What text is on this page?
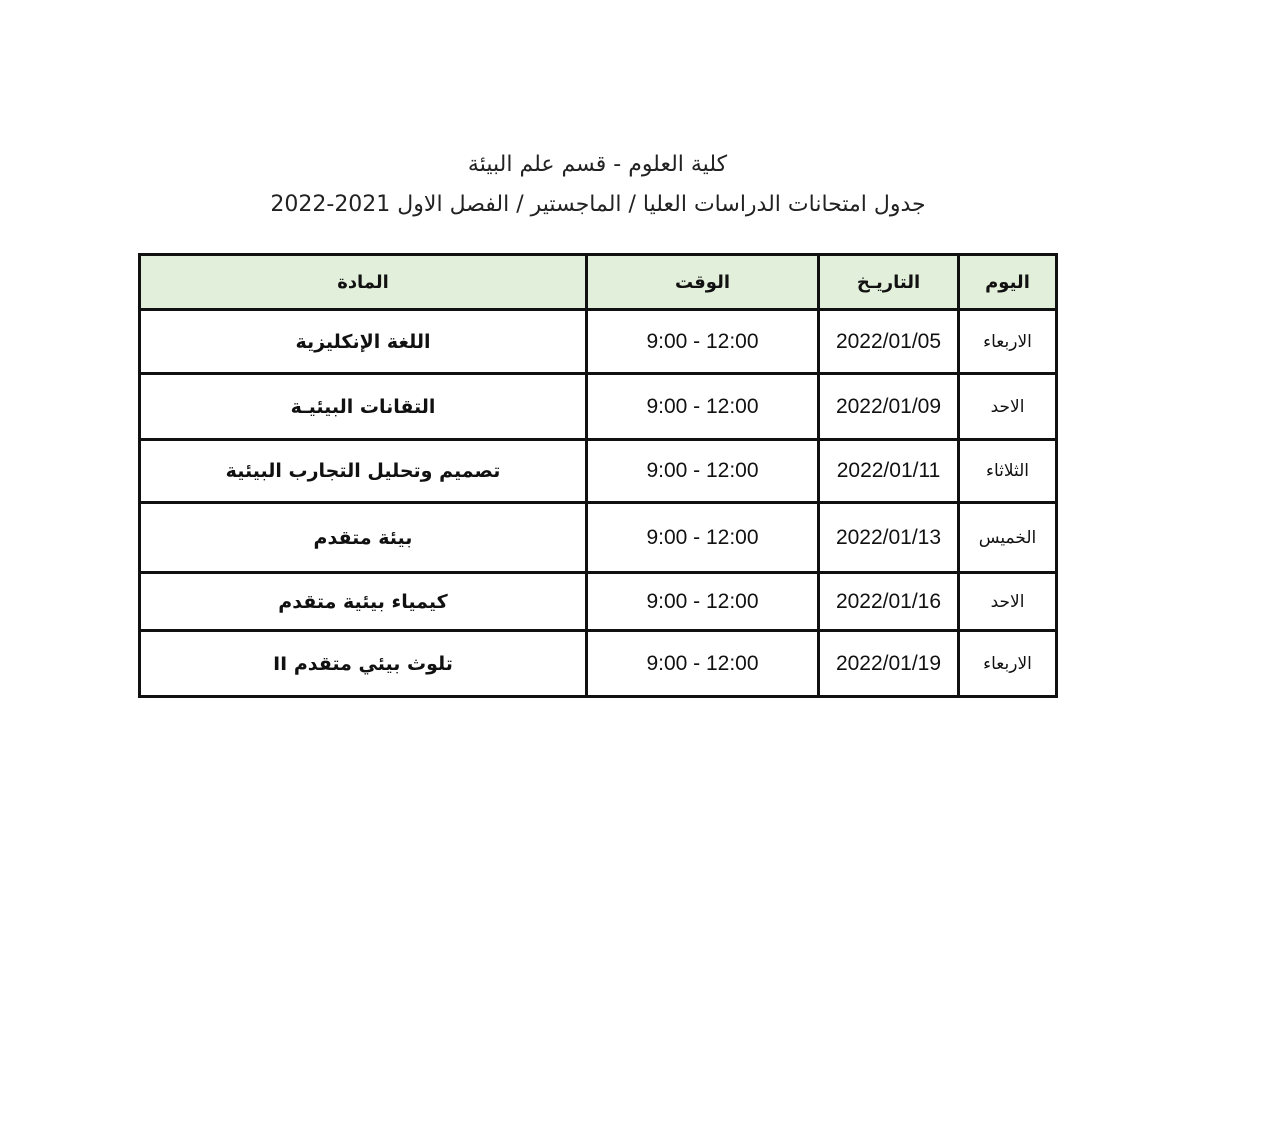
كلية العلوم - قسم علم البيئة
جدول امتحانات الدراسات العليا / الماجستير / الفصل الاول 2021-2022
اليوم	التاريـخ	الوقت	المادة
الاربعاء	2022/01/05	9:00 - 12:00	اللغة الإنكليزية
الاحد	2022/01/09	9:00 - 12:00	التقانات البيئيـة
الثلاثاء	2022/01/11	9:00 - 12:00	تصميم وتحليل التجارب البيئية
الخميس	2022/01/13	9:00 - 12:00	بيئة متقدم
الاحد	2022/01/16	9:00 - 12:00	كيمياء بيئية متقدم
الاربعاء	2022/01/19	9:00 - 12:00	تلوث بيئي متقدم II
